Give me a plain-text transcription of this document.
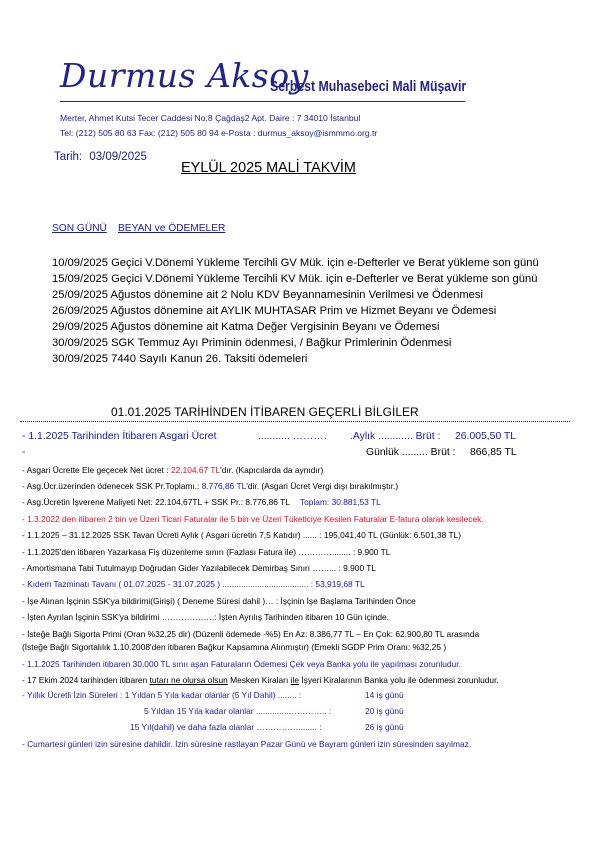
Durmus Aksoy
Serbest Muhasebeci Mali Müşavir
Merter, Ahmet Kutsi Tecer Caddesi No:8 Çağdaş2 Apt. Daire : 7 34010 İstanbul
Tel: (212) 505 80 63 Fax: (212) 505 80 94 e-Posta : durmus_aksoy@ismmmo.org.tr
Tarih: 03/09/2025
EYLÜL 2025 MALİ TAKVİM
SON GÜNÜ BEYAN ve ÖDEMELER
10/09/2025 Geçici V.Dönemi Yükleme Tercihli GV Mük. için e-Defterler ve Berat yükleme son günü
15/09/2025 Geçici V.Dönemi Yükleme Tercihli KV Mük. için e-Defterler ve Berat yükleme son günü
25/09/2025 Ağustos dönemine ait 2 Nolu KDV Beyannamesinin Verilmesi ve Ödenmesi
26/09/2025 Ağustos dönemine ait AYLIK MUHTASAR Prim ve Hizmet Beyanı ve Ödemesi
29/09/2025 Ağustos dönemine ait Katma Değer Vergisinin Beyanı ve Ödemesi
30/09/2025 SGK Temmuz Ayı Priminin ödenmesi, / Bağkur Primlerinin Ödenmesi
30/09/2025 7440 Sayılı Kanun 26. Taksiti ödemeleri
01.01.2025 TARİHİNDEN İTİBAREN GEÇERLİ BİLGİLER
- 1.1.2025 Tarihinden İtibaren Asgari Ücret	........... ………. .Aylık ............ Brüt : 26.005,50 TL
-	Günlük ......... Brüt : 866,85 TL
- Asgari Ücrette Ele geçecek Net ücret : 22.104,67 TL'dır. (Kapıcılarda da aynıdır)
- Asg.Ücr.üzerinden ödenecek SSK Pr.Toplamı.: 8.776,86 TL'dir. (Asgari Ücret Vergi dışı bırakılmıştır.)
- Asg.Ücretin İşverene Maliyeti Net: 22.104,67TL + SSK Pr.: 8.776,86 TL Toplam: 30.881,53 TL
- 1.3.2022 den itibaren 2 bin ve Üzeri Ticari Faturalar ile 5 bin ve Üzeri Tüketiciye Kesilen Faturalar E-fatura olarak kesilecek.
- 1.1.2025 – 31.12.2025 SSK Tavan Ücreti Aylık ( Asgari ücretin 7,5 Katıdır) ...... : 195,041,40 TL (Günlük: 6.501,38 TL)
- 1.1.2025'den itibaren Yazarkasa Fiş düzenleme sınırı (Fazlası Fatura ile) …………........ : 9.900 TL
- Amortismana Tabi Tutulmayıp Doğrudan Gider Yazılabilecek Demirbaş Sınırı ……... : 9.900 TL
- Kıdem Tazminatı Tavanı ( 01.07.2025 - 31.07.2025 ) ..................................... : 53,919,68 TL
- İşe Alınan İşçinin SSK'ya bildirimi(Girişi) ( Deneme Süresi dahil )… : İşçinin İşe Başlama Tarihinden Önce
- İşten Ayrılan İşçinin SSK'ya bildirimi ……………….: İşten Ayrılış Tarihinden itibaren 10 Gün içinde.
- İsteğe Bağlı Sigorta Primi (Oran %32,25 dir) (Düzenli ödemede -%5) En Az: 8.386,77 TL – En Çok: 62.900,80 TL arasında
(İsteğe Bağlı Sigortalılık 1.10.2008'den itibaren Bağkur Kapsamına Alınmıştır) (Emekli SGDP Prim Oranı: %32,25 )
- 1.1.2025 Tarihinden itibaren 30.000 TL sınıı aşan Faturaların Ödemesi Çek veya Banka yolu ile yapılması zorunludur.
- 17 Ekim 2024 tarihinden itibaren tutarı ne olursa olsun Mesken Kiraları ile İşyeri Kiralarının Banka yolu ile ödenmesi zorunludur.
- Yıllık Ücretli İzin Süreleri : 1 Yıldan 5 Yıla kadar olanlar (5 Yıl Dahil) ........ :	14 iş günü
5 Yıldan 15 Yıla kadar olanlar ..............………….. :	20 iş günü
15 Yıl(dahil) ve daha fazla olanlar ……………........ :	26 iş günü
- Cumartesi günleri izin süresine dahildir. İzin süresine rastlayan Pazar Günü ve Bayram günleri izin süresinden sayılmaz.
